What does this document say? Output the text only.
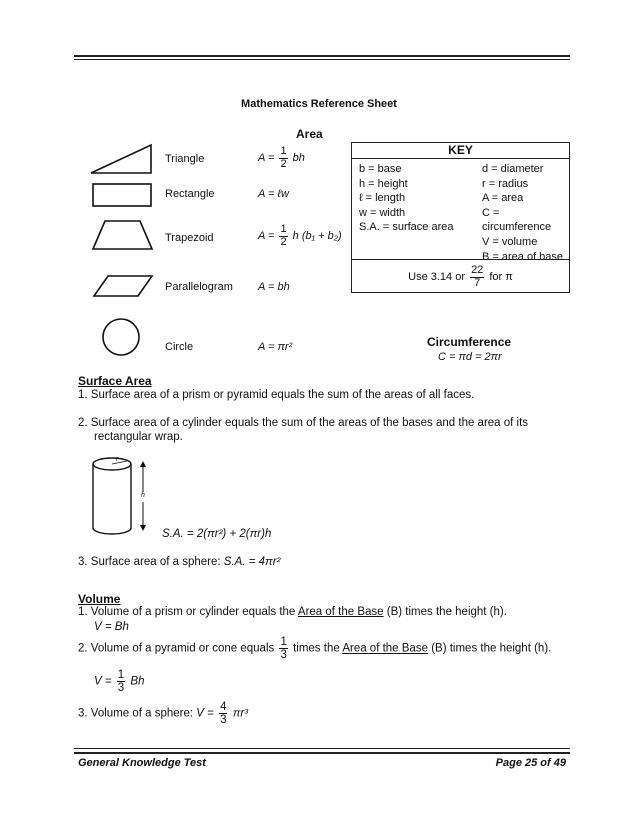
Mathematics Reference Sheet
Area
Triangle
Rectangle
Trapezoid
Parallelogram
Circle
$A = \frac{1}{2}$ bh
A = ℓw
$A = \frac{1}{2}$ h (b₁ + b₂)
A = bh
A = πr²
KEY
b = base
h = height
ℓ = length
w = width
S.A. = surface area
d = diameter
r = radius
A = area
C = circumference
V = volume
B = area of base
Use 3.14 or $\frac{22}{7}$ for π
Circumference
C = πd = 2πr
Surface Area
1. Surface area of a prism or pyramid equals the sum of the areas of all faces.
2. Surface area of a cylinder equals the sum of the areas of the bases and the area of its
rectangular wrap.
r
h
S.A. = 2(πr²) + 2(πr)h
3. Surface area of a sphere: S.A. = 4πr²
Volume
1. Volume of a prism or cylinder equals the Area of the Base (B) times the height (h).
V = Bh
2. Volume of a pyramid or cone equals $\frac{1}{3}$ times the Area of the Base (B) times the height (h).
$V = \frac{1}{3}$ Bh
3. Volume of a sphere: $V = \frac{4}{3} \pi r^3$
General Knowledge Test	Page 25 of 49
